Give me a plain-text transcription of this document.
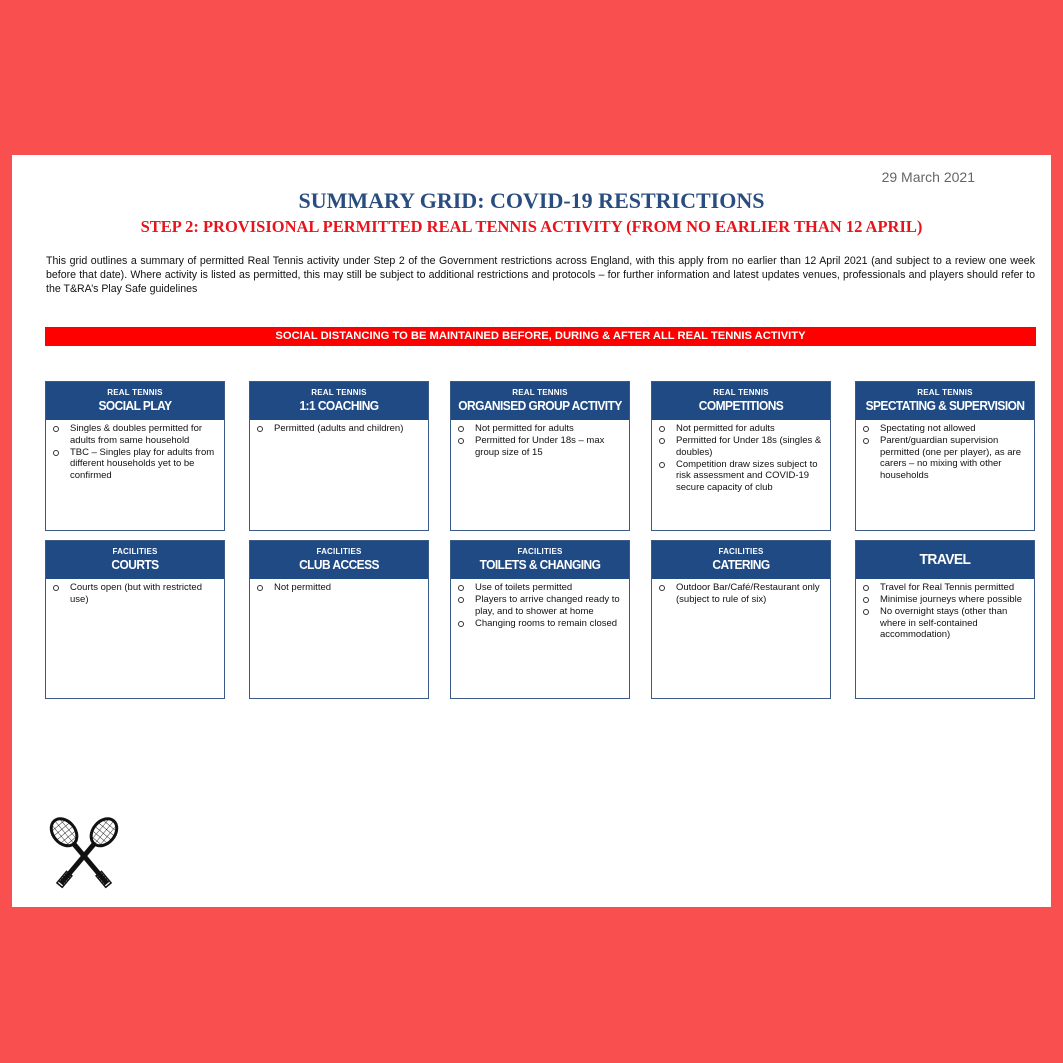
29 March 2021
SUMMARY GRID: COVID-19 RESTRICTIONS
STEP 2: PROVISIONAL PERMITTED REAL TENNIS ACTIVITY (FROM NO EARLIER THAN 12 APRIL)
This grid outlines a summary of permitted Real Tennis activity under Step 2 of the Government restrictions across England, with this apply from no earlier than 12 April 2021 (and subject to a review one week before that date). Where activity is listed as permitted, this may still be subject to additional restrictions and protocols – for further information and latest updates venues, professionals and players should refer to the T&RA’s Play Safe guidelines
SOCIAL DISTANCING TO BE MAINTAINED BEFORE, DURING & AFTER ALL REAL TENNIS ACTIVITY
REAL TENNIS
SOCIAL PLAY
Singles & doubles permitted for adults from same household
TBC – Singles play for adults from different households yet to be confirmed
REAL TENNIS
1:1 COACHING
Permitted (adults and children)
REAL TENNIS
ORGANISED GROUP ACTIVITY
Not permitted for adults
Permitted for Under 18s – max group size of 15
REAL TENNIS
COMPETITIONS
Not permitted for adults
Permitted for Under 18s (singles & doubles)
Competition draw sizes subject to risk assessment and COVID-19 secure capacity of club
REAL TENNIS
SPECTATING & SUPERVISION
Spectating not allowed
Parent/guardian supervision permitted (one per player), as are carers – no mixing with other households
FACILITIES
COURTS
Courts open (but with restricted use)
FACILITIES
CLUB ACCESS
Not permitted
FACILITIES
TOILETS & CHANGING
Use of toilets permitted
Players to arrive changed ready to play, and to shower at home
Changing rooms to remain closed
FACILITIES
CATERING
Outdoor Bar/Café/Restaurant only (subject to rule of six)
TRAVEL
Travel for Real Tennis permitted
Minimise journeys where possible
No overnight stays (other than where in self-contained accommodation)
